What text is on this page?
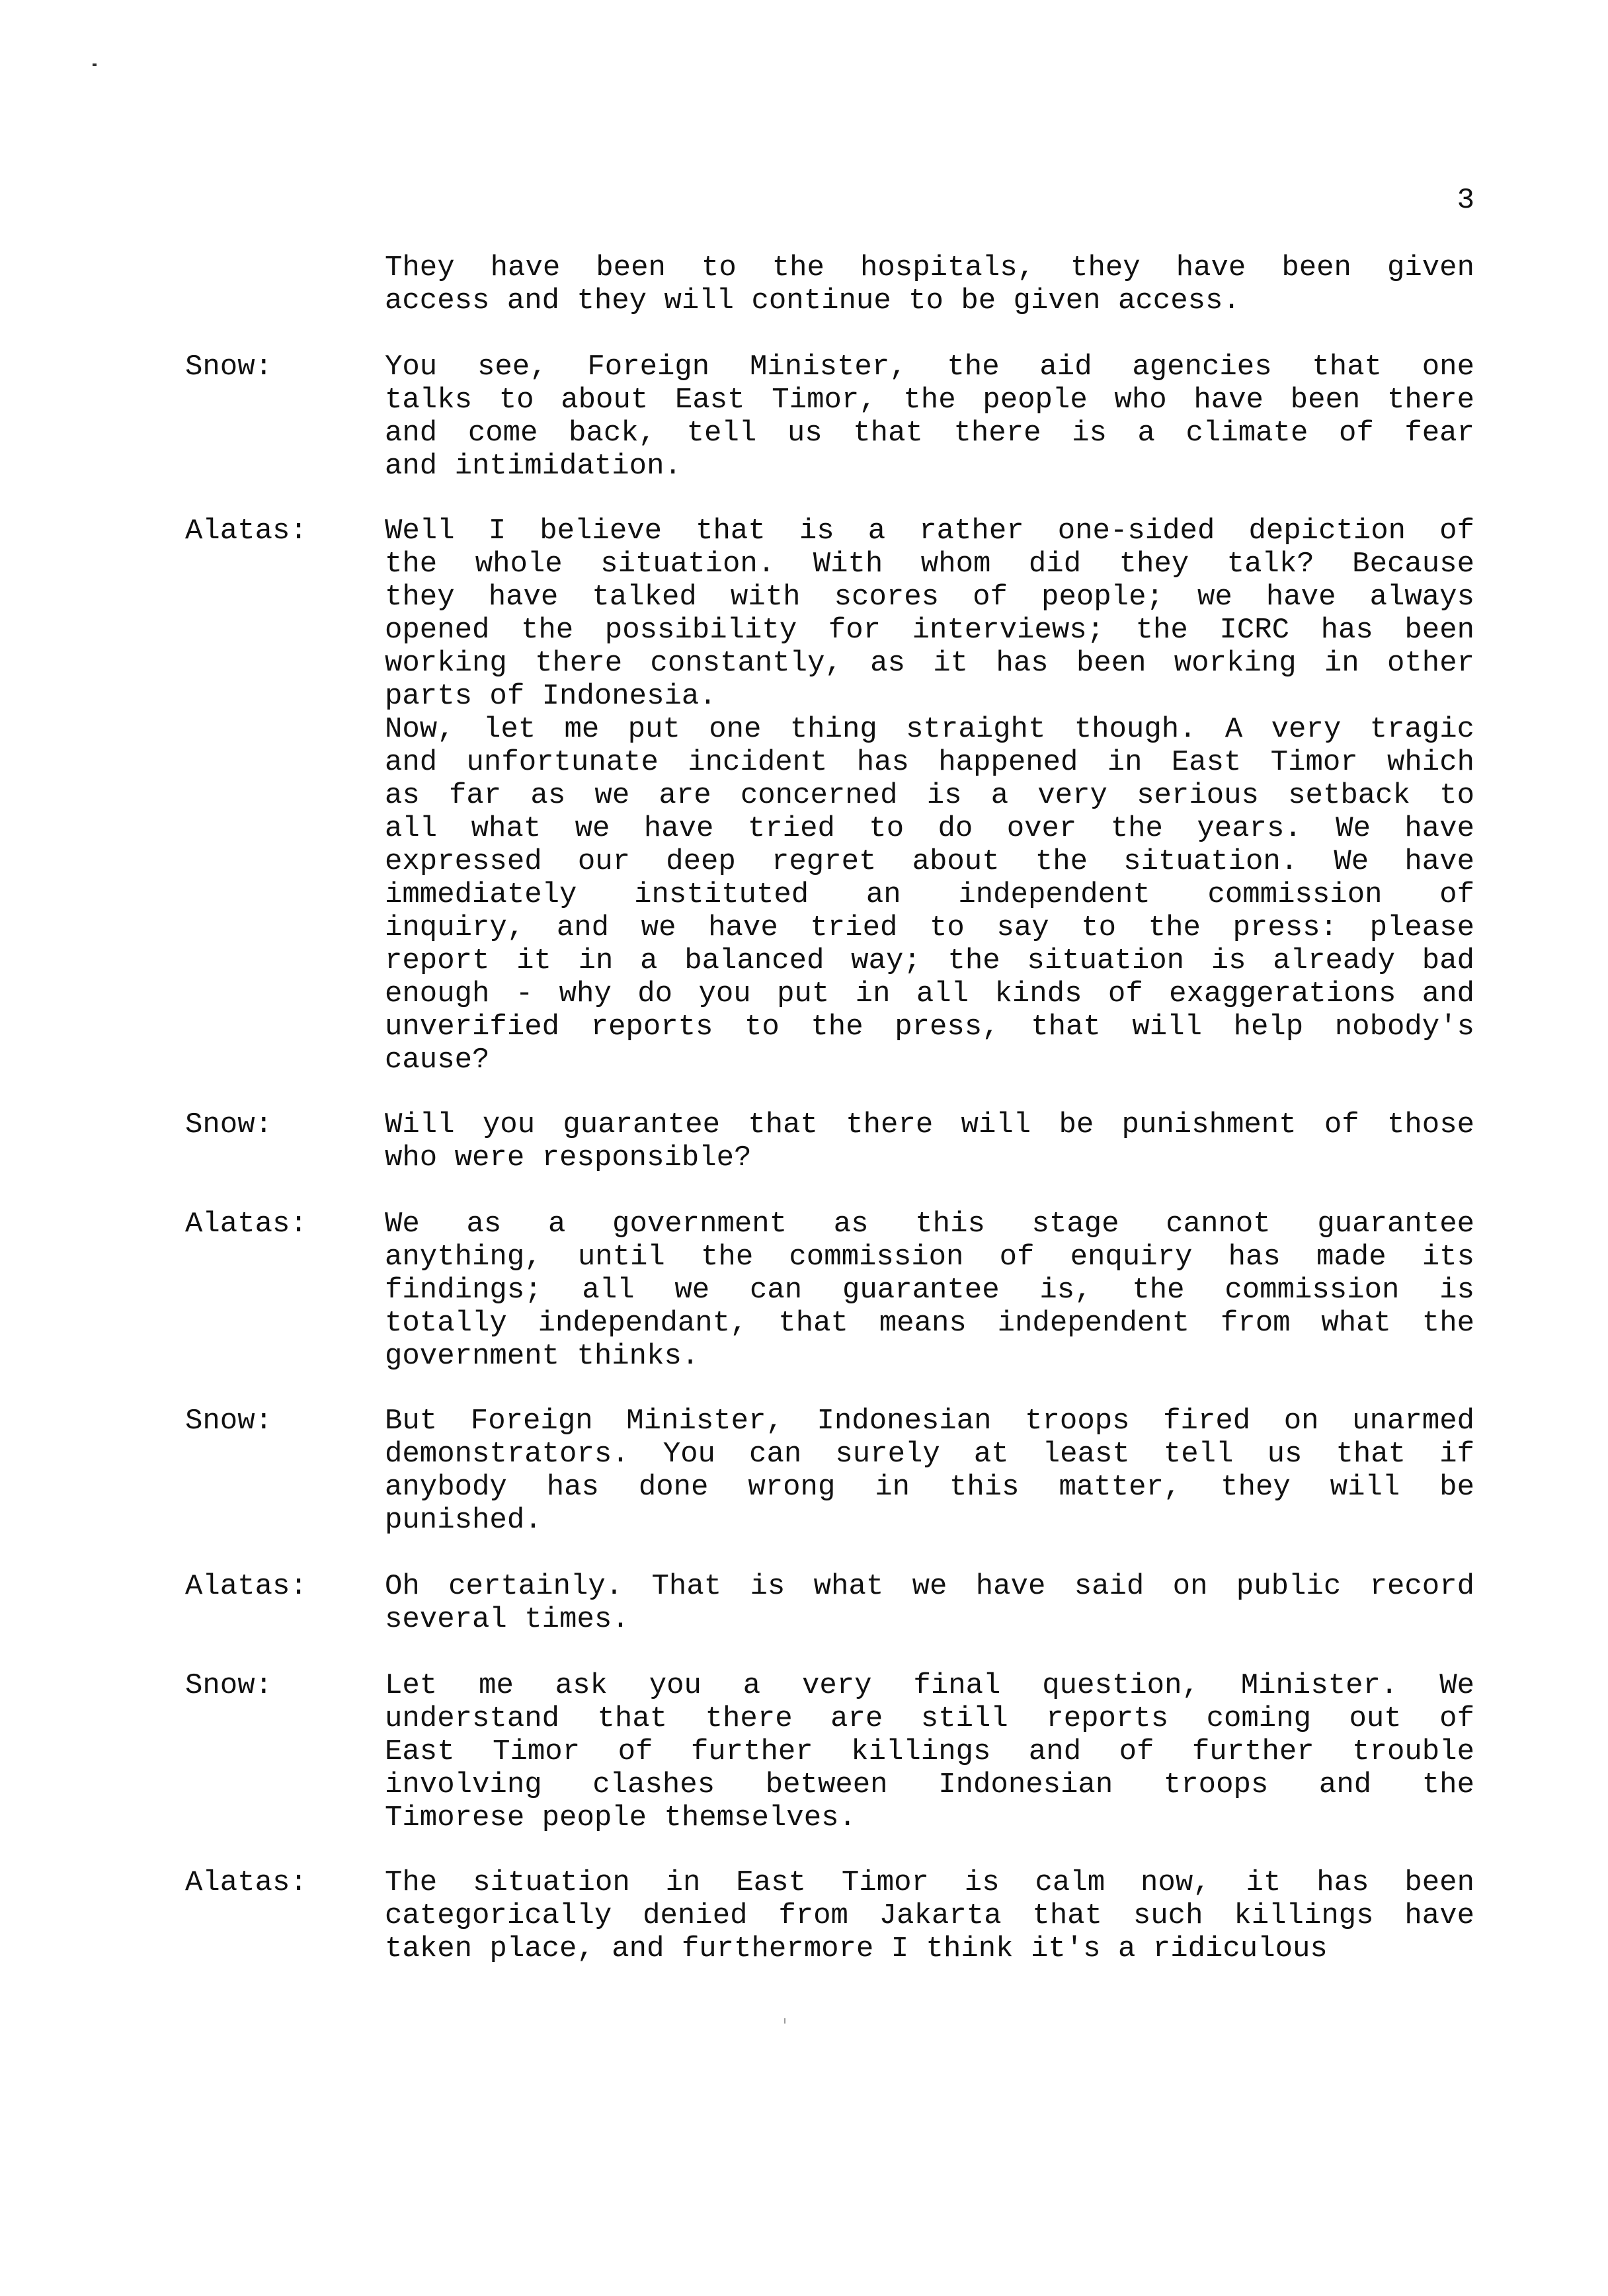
3
They have been to the hospitals, they have been given
access and they will continue to be given access.
Snow:	You see, Foreign Minister, the aid agencies that one
talks to about East Timor, the people who have been there
and come back, tell us that there is a climate of fear
and intimidation.
Alatas:	Well I believe that is a rather one-sided depiction of
the whole situation. With whom did they talk? Because
they have talked with scores of people; we have always
opened the possibility for interviews; the ICRC has been
working there constantly, as it has been working in other
parts of Indonesia.
Now, let me put one thing straight though. A very tragic
and unfortunate incident has happened in East Timor which
as far as we are concerned is a very serious setback to
all what we have tried to do over the years. We have
expressed our deep regret about the situation. We have
immediately instituted an independent commission of
inquiry, and we have tried to say to the press: please
report it in a balanced way; the situation is already bad
enough - why do you put in all kinds of exaggerations and
unverified reports to the press, that will help nobody's
cause?
Snow:	Will you guarantee that there will be punishment of those
who were responsible?
Alatas:	We as a government as this stage cannot guarantee
anything, until the commission of enquiry has made its
findings; all we can guarantee is, the commission is
totally independant, that means independent from what the
government thinks.
Snow:	But Foreign Minister, Indonesian troops fired on unarmed
demonstrators. You can surely at least tell us that if
anybody has done wrong in this matter, they will be
punished.
Alatas:	Oh certainly. That is what we have said on public record
several times.
Snow:	Let me ask you a very final question, Minister. We
understand that there are still reports coming out of
East Timor of further killings and of further trouble
involving clashes between Indonesian troops and the
Timorese people themselves.
Alatas:	The situation in East Timor is calm now, it has been
categorically denied from Jakarta that such killings have
taken place, and furthermore I think it's a ridiculous
